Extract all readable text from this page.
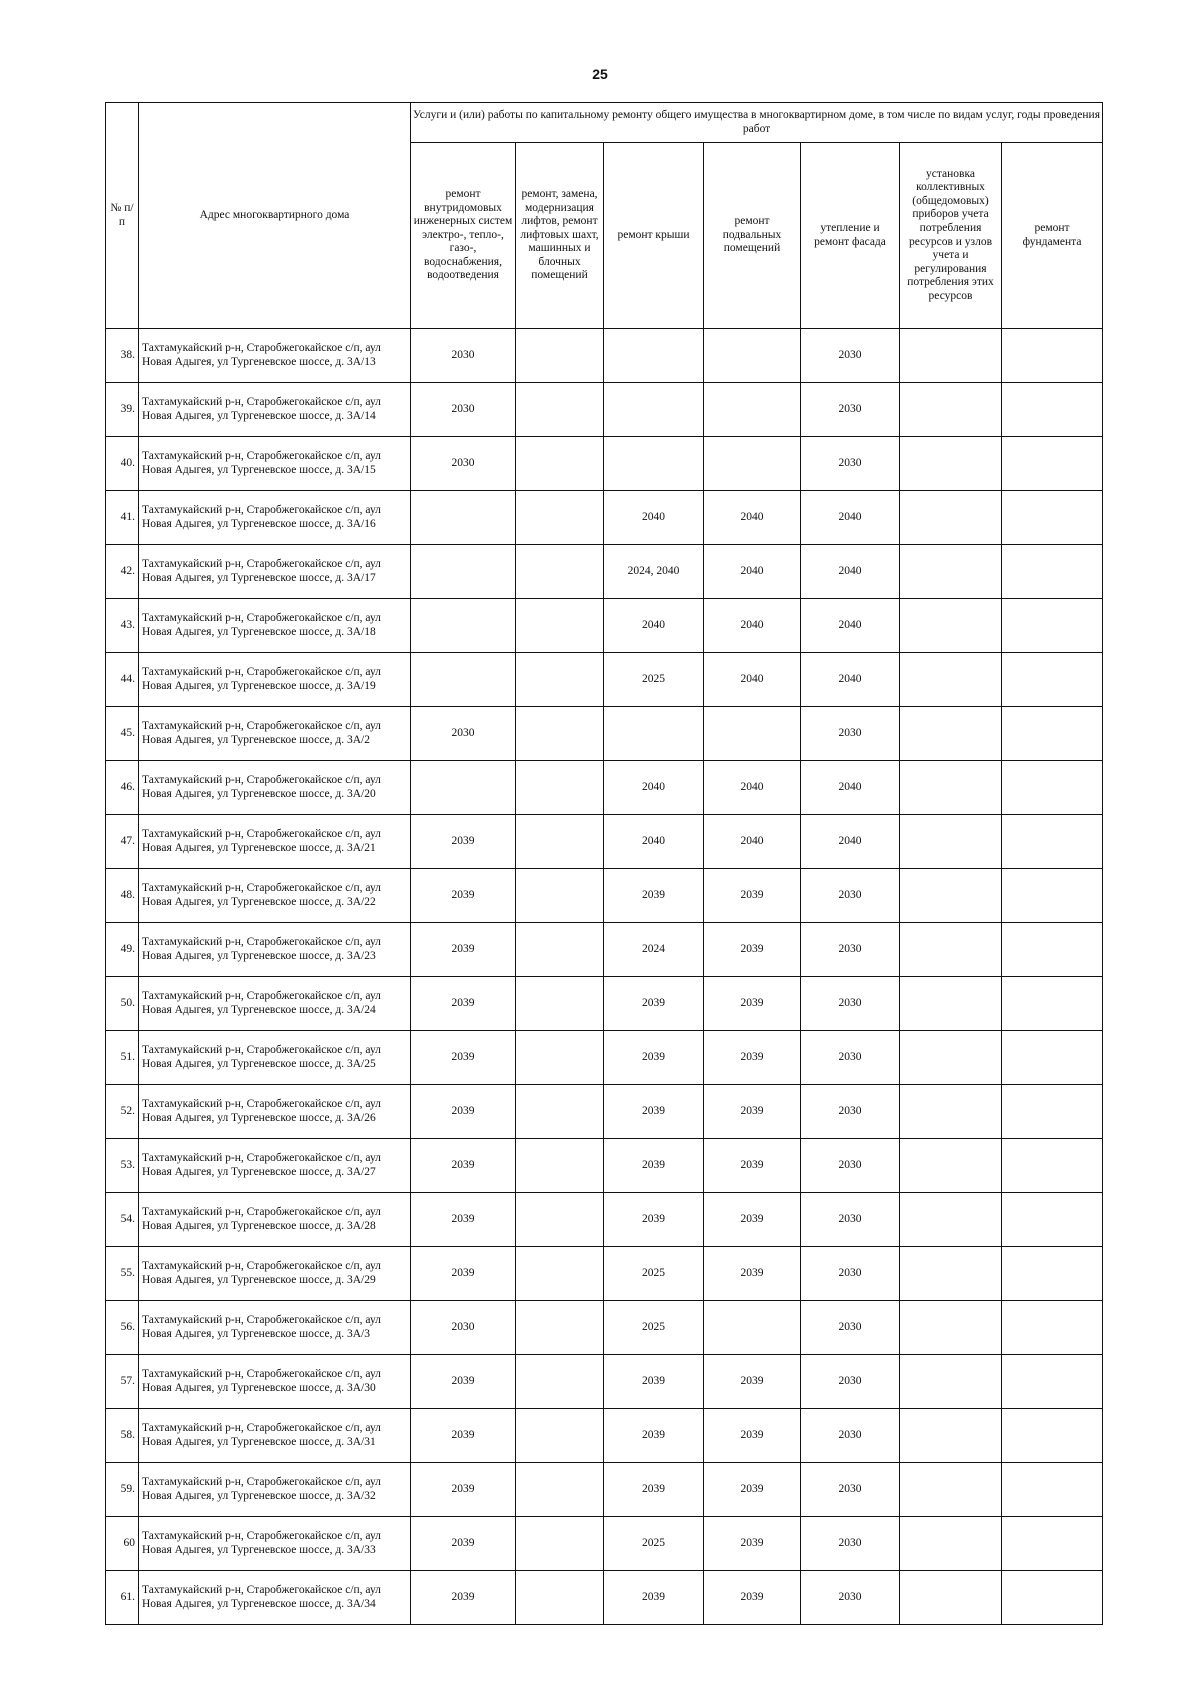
25
№ п/п	Адрес многоквартирного дома	Услуги и (или) работы по капитальному ремонту общего имущества в многоквартирном доме, в том числе по видам услуг, годы проведения работ						
		ремонт внутридомовых инженерных систем электро-, тепло-, газо-, водоснабжения, водоотведения	ремонт, замена, модернизация лифтов, ремонт лифтовых шахт, машинных и блочных помещений	ремонт крыши	ремонт подвальных помещений	утепление и ремонт фасада	установка коллективных (общедомовых) приборов учета потребления ресурсов и узлов учета и регулирования потребления этих ресурсов	ремонт фундамента
38.	Тахтамукайский р-н, Старобжегокайское с/п, аул Новая Адыгея, ул Тургеневское шоссе, д. 3А/13	2030				2030		
39.	Тахтамукайский р-н, Старобжегокайское с/п, аул Новая Адыгея, ул Тургеневское шоссе, д. 3А/14	2030				2030		
40.	Тахтамукайский р-н, Старобжегокайское с/п, аул Новая Адыгея, ул Тургеневское шоссе, д. 3А/15	2030				2030		
41.	Тахтамукайский р-н, Старобжегокайское с/п, аул Новая Адыгея, ул Тургеневское шоссе, д. 3А/16			2040	2040	2040		
42.	Тахтамукайский р-н, Старобжегокайское с/п, аул Новая Адыгея, ул Тургеневское шоссе, д. 3А/17			2024, 2040	2040	2040		
43.	Тахтамукайский р-н, Старобжегокайское с/п, аул Новая Адыгея, ул Тургеневское шоссе, д. 3А/18			2040	2040	2040		
44.	Тахтамукайский р-н, Старобжегокайское с/п, аул Новая Адыгея, ул Тургеневское шоссе, д. 3А/19			2025	2040	2040		
45.	Тахтамукайский р-н, Старобжегокайское с/п, аул Новая Адыгея, ул Тургеневское шоссе, д. 3А/2	2030				2030		
46.	Тахтамукайский р-н, Старобжегокайское с/п, аул Новая Адыгея, ул Тургеневское шоссе, д. 3А/20			2040	2040	2040		
47.	Тахтамукайский р-н, Старобжегокайское с/п, аул Новая Адыгея, ул Тургеневское шоссе, д. 3А/21	2039		2040	2040	2040		
48.	Тахтамукайский р-н, Старобжегокайское с/п, аул Новая Адыгея, ул Тургеневское шоссе, д. 3А/22	2039		2039	2039	2030		
49.	Тахтамукайский р-н, Старобжегокайское с/п, аул Новая Адыгея, ул Тургеневское шоссе, д. 3А/23	2039		2024	2039	2030		
50.	Тахтамукайский р-н, Старобжегокайское с/п, аул Новая Адыгея, ул Тургеневское шоссе, д. 3А/24	2039		2039	2039	2030		
51.	Тахтамукайский р-н, Старобжегокайское с/п, аул Новая Адыгея, ул Тургеневское шоссе, д. 3А/25	2039		2039	2039	2030		
52.	Тахтамукайский р-н, Старобжегокайское с/п, аул Новая Адыгея, ул Тургеневское шоссе, д. 3А/26	2039		2039	2039	2030		
53.	Тахтамукайский р-н, Старобжегокайское с/п, аул Новая Адыгея, ул Тургеневское шоссе, д. 3А/27	2039		2039	2039	2030		
54.	Тахтамукайский р-н, Старобжегокайское с/п, аул Новая Адыгея, ул Тургеневское шоссе, д. 3А/28	2039		2039	2039	2030		
55.	Тахтамукайский р-н, Старобжегокайское с/п, аул Новая Адыгея, ул Тургеневское шоссе, д. 3А/29	2039		2025	2039	2030		
56.	Тахтамукайский р-н, Старобжегокайское с/п, аул Новая Адыгея, ул Тургеневское шоссе, д. 3А/3	2030		2025		2030		
57.	Тахтамукайский р-н, Старобжегокайское с/п, аул Новая Адыгея, ул Тургеневское шоссе, д. 3А/30	2039		2039	2039	2030		
58.	Тахтамукайский р-н, Старобжегокайское с/п, аул Новая Адыгея, ул Тургеневское шоссе, д. 3А/31	2039		2039	2039	2030		
59.	Тахтамукайский р-н, Старобжегокайское с/п, аул Новая Адыгея, ул Тургеневское шоссе, д. 3А/32	2039		2039	2039	2030		
60	Тахтамукайский р-н, Старобжегокайское с/п, аул Новая Адыгея, ул Тургеневское шоссе, д. 3А/33	2039		2025	2039	2030		
61.	Тахтамукайский р-н, Старобжегокайское с/п, аул Новая Адыгея, ул Тургеневское шоссе, д. 3А/34	2039		2039	2039	2030		
